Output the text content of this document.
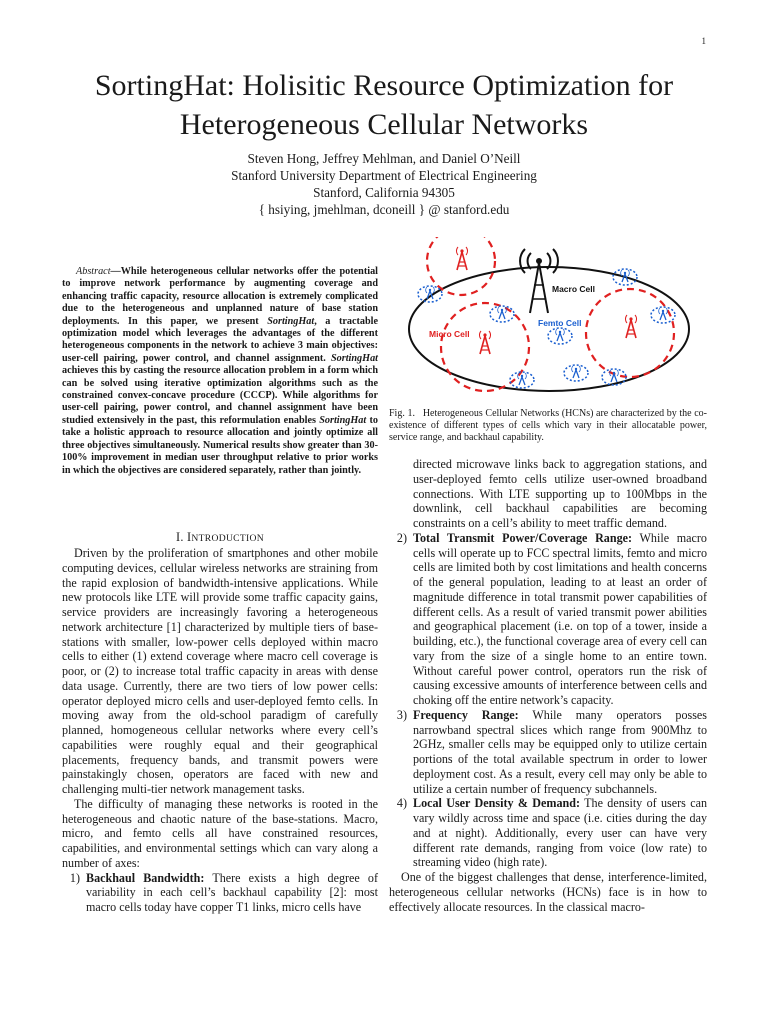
1
SortingHat: Holisitic Resource Optimization for Heterogeneous Cellular Networks
Steven Hong, Jeffrey Mehlman, and Daniel O’Neill
Stanford University Department of Electrical Engineering
Stanford, California 94305
{ hsiying, jmehlman, dconeill } @ stanford.edu

Abstract—While heterogeneous cellular networks offer the potential to improve network performance by augmenting coverage and enhancing traffic capacity, resource allocation is extremely complicated due to the heterogeneous and unplanned nature of base station deployments. In this paper, we present SortingHat, a tractable optimization model which leverages the advantages of the different heterogeneous components in the network to achieve 3 main objectives: user-cell pairing, power control, and channel assignment. SortingHat achieves this by casting the resource allocation problem in a form which can be solved using iterative optimization algorithms such as the constrained convex-concave procedure (CCCP). While algorithms for user-cell pairing, power control, and channel assignment have been studied extensively in the past, this reformulation enables SortingHat to take a holistic approach to resource allocation and jointly optimize all three objectives simultaneously. Numerical results show greater than 30-100% improvement in median user throughput relative to prior works in which the objectives are considered separately, rather than jointly.

I. INTRODUCTION

Driven by the proliferation of smartphones and other mobile computing devices, cellular wireless networks are straining from the rapid explosion of bandwidth-intensive applications. While new protocols like LTE will provide some traffic capacity gains, service providers are increasingly favoring a heterogeneous network architecture [1] characterized by multiple tiers of base-stations with smaller, low-power cells deployed within macro cells to either (1) extend coverage where macro cell coverage is poor, or (2) to increase total traffic capacity in areas with dense data usage. Currently, there are two tiers of low power cells: operator deployed micro cells and user-deployed femto cells. In moving away from the old-school paradigm of carefully planned, homogeneous cellular networks where every cell’s capabilities were roughly equal and their geographical placements, frequency bands, and transmit powers were painstakingly chosen, operators are faced with new and challenging multi-tier network management tasks.

The difficulty of managing these networks is rooted in the heterogeneous and chaotic nature of the base-stations. Macro, micro, and femto cells all have constrained resources, capabilities, and environmental settings which can vary along a number of axes:

1) Backhaul Bandwidth: There exists a high degree of variability in each cell’s backhaul capability [2]: most macro cells today have copper T1 links, micro cells have
Macro Cell
Micro Cell
Femto Cell

Fig. 1. Heterogeneous Cellular Networks (HCNs) are characterized by the co-existence of different types of cells which vary in their allocatable power, service range, and backhaul capability.

directed microwave links back to aggregation stations, and user-deployed femto cells utilize user-owned broadband connections. With LTE supporting up to 100Mbps in the downlink, cell backhaul capabilities are becoming constraints on a cell’s ability to meet traffic demand.

2) Total Transmit Power/Coverage Range: While macro cells will operate up to FCC spectral limits, femto and micro cells are limited both by cost limitations and health concerns of the general population, leading to at least an order of magnitude difference in total transmit power capabilities of different cells. As a result of varied transmit power abilities and geographical placement (i.e. on top of a tower, inside a building, etc.), the functional coverage area of every cell can vary from the size of a single home to an entire town. Without careful power control, operators run the risk of causing excessive amounts of interference between cells and choking off the entire network’s capacity.
3) Frequency Range: While many operators posses narrowband spectral slices which range from 900Mhz to 2GHz, smaller cells may be equipped only to utilize certain portions of the total available spectrum in order to lower deployment cost. As a result, every cell may only be able to utilize a certain number of frequency subchannels.
4) Local User Density & Demand: The density of users can vary wildly across time and space (i.e. cities during the day and at night). Additionally, every user can have very different rate demands, ranging from voice (low rate) to streaming video (high rate).

One of the biggest challenges that dense, interference-limited, heterogeneous cellular networks (HCNs) face is in how to effectively allocate resources. In the classical macro-
